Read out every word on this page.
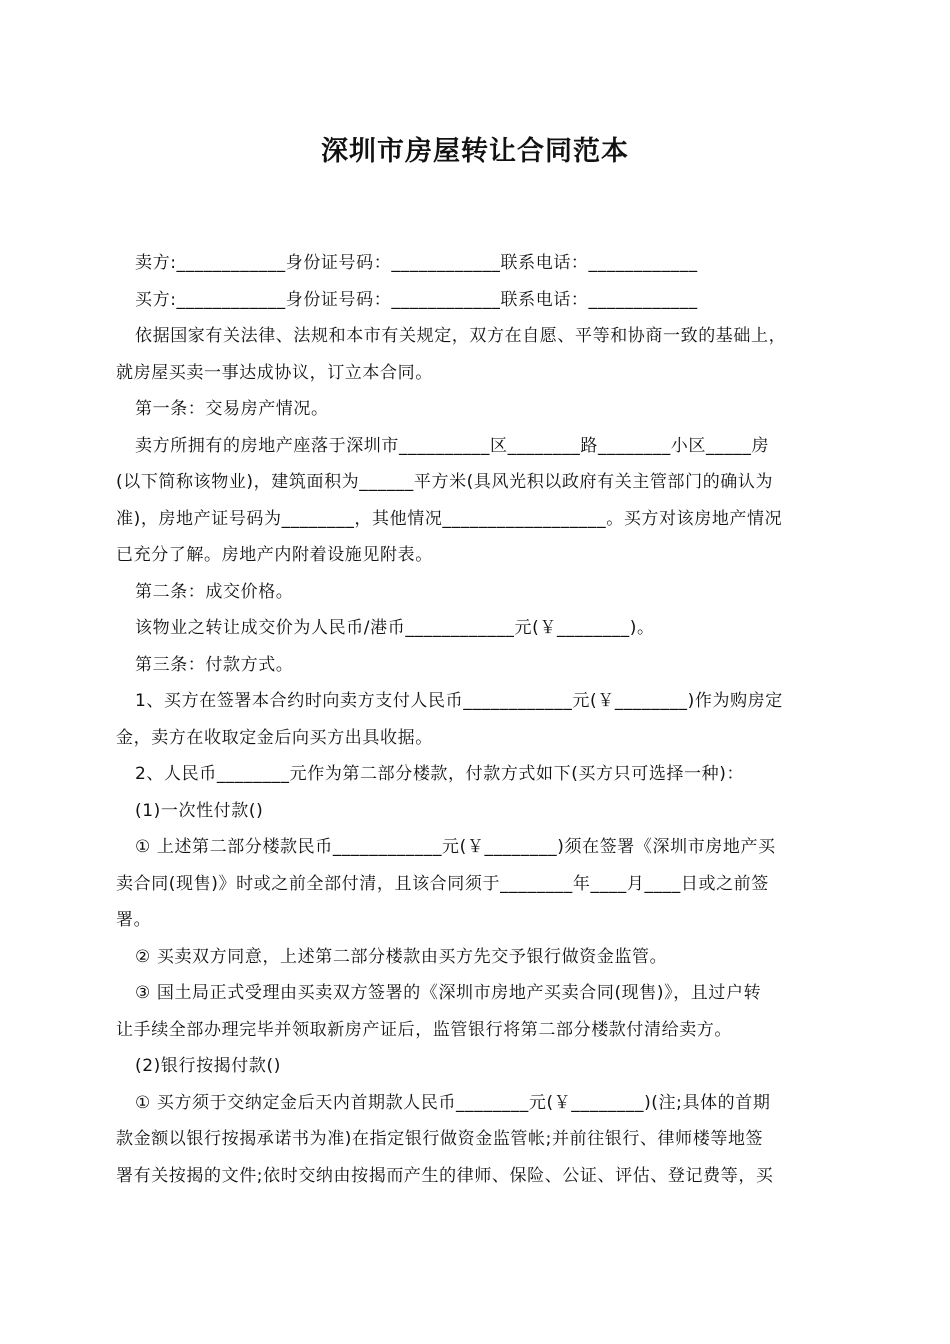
深圳市房屋转让合同范本
卖方:____________身份证号码：____________联系电话：____________
买方:____________身份证号码：____________联系电话：____________
依据国家有关法律、法规和本市有关规定，双方在自愿、平等和协商一致的基础上，
就房屋买卖一事达成协议，订立本合同。
第一条：交易房产情况。
卖方所拥有的房地产座落于深圳市__________区________路________小区_____房
(以下简称该物业)，建筑面积为______平方米(具风光积以政府有关主管部门的确认为
准)，房地产证号码为________，其他情况__________________。买方对该房地产情况
已充分了解。房地产内附着设施见附表。
第二条：成交价格。
该物业之转让成交价为人民币/港币____________元(￥________)。
第三条：付款方式。
1、买方在签署本合约时向卖方支付人民币____________元(￥________)作为购房定
金，卖方在收取定金后向买方出具收据。
2、人民币________元作为第二部分楼款，付款方式如下(买方只可选择一种)：
(1)一次性付款()
① 上述第二部分楼款民币____________元(￥________)须在签署《深圳市房地产买
卖合同(现售)》时或之前全部付清，且该合同须于________年____月____日或之前签
署。
② 买卖双方同意，上述第二部分楼款由买方先交予银行做资金监管。
③ 国土局正式受理由买卖双方签署的《深圳市房地产买卖合同(现售)》，且过户转
让手续全部办理完毕并领取新房产证后，监管银行将第二部分楼款付清给卖方。
(2)银行按揭付款()
① 买方须于交纳定金后天内首期款人民币________元(￥________)(注;具体的首期
款金额以银行按揭承诺书为准)在指定银行做资金监管帐;并前往银行、律师楼等地签
署有关按揭的文件;依时交纳由按揭而产生的律师、保险、公证、评估、登记费等，买
